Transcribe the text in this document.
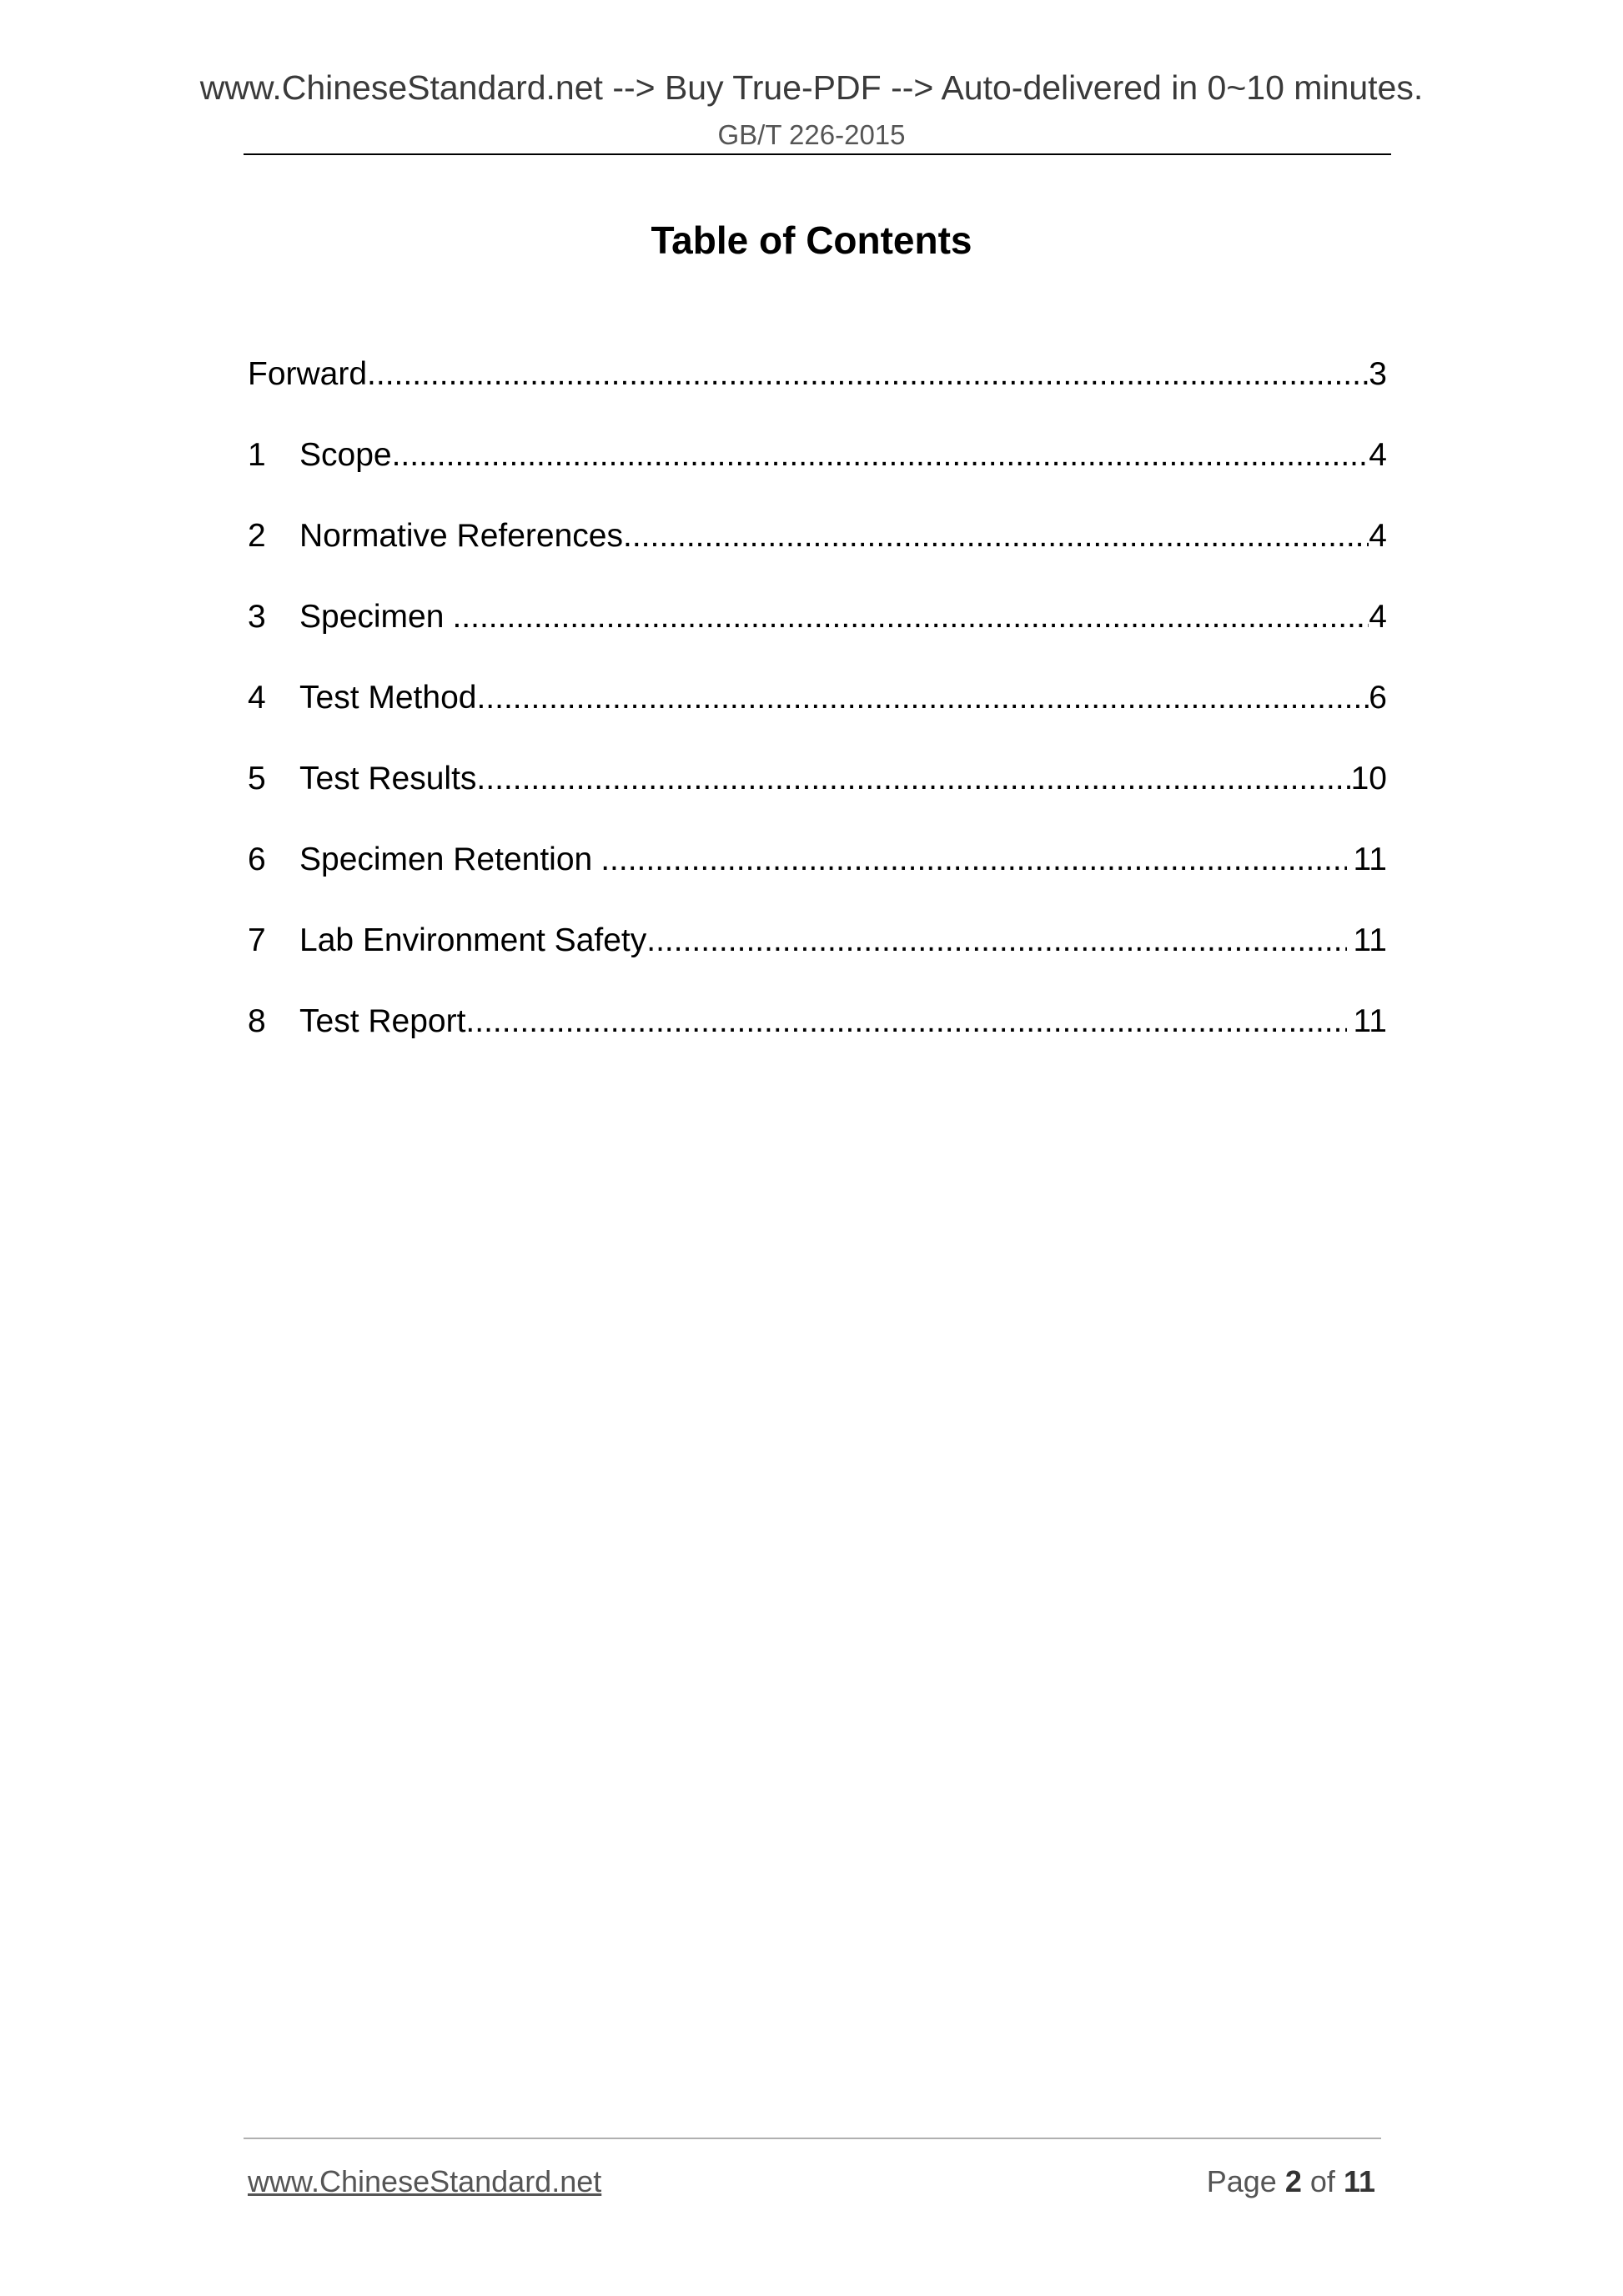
www.ChineseStandard.net --> Buy True-PDF --> Auto-delivered in 0~10 minutes.
GB/T 226-2015
Table of Contents
Forward .....	3
1	Scope .....	4
2	Normative References .....	4
3	Specimen .....	4
4	Test Method .....	6
5	Test Results .....	10
6	Specimen Retention .....	11
7	Lab Environment Safety .....	11
8	Test Report .....	11
www.ChineseStandard.net	Page 2 of 11
